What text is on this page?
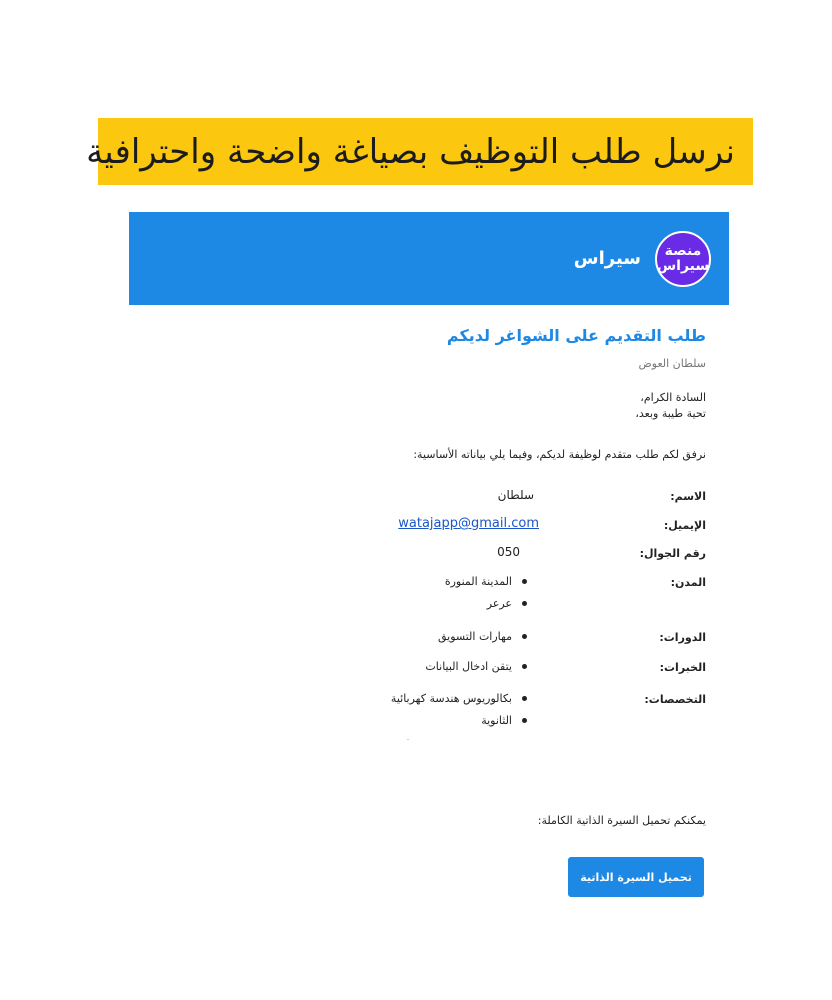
نرسل طلب التوظيف بصياغة واضحة واحترافية
سيراس منصة
سيراس
طلب التقديم على الشواغر لديكم
سلطان العوض
السادة الكرام،
تحية طيبة وبعد،
نرفق لكم طلب متقدم لوظيفة لديكم، وفيما يلي بياناته الأساسية:
الاسم:
سلطان
الإيميل:
watajapp@gmail.com
رقم الجوال:
050
المدن:
المدينة المنورة
عرعر
الدورات:
مهارات التسويق
الخبرات:
يتقن ادخال البيانات
التخصصات:
بكالوريوس هندسة كهربائية
الثانوية
يمكنكم تحميل السيرة الذاتية الكاملة:
تحميل السيرة الذاتية
